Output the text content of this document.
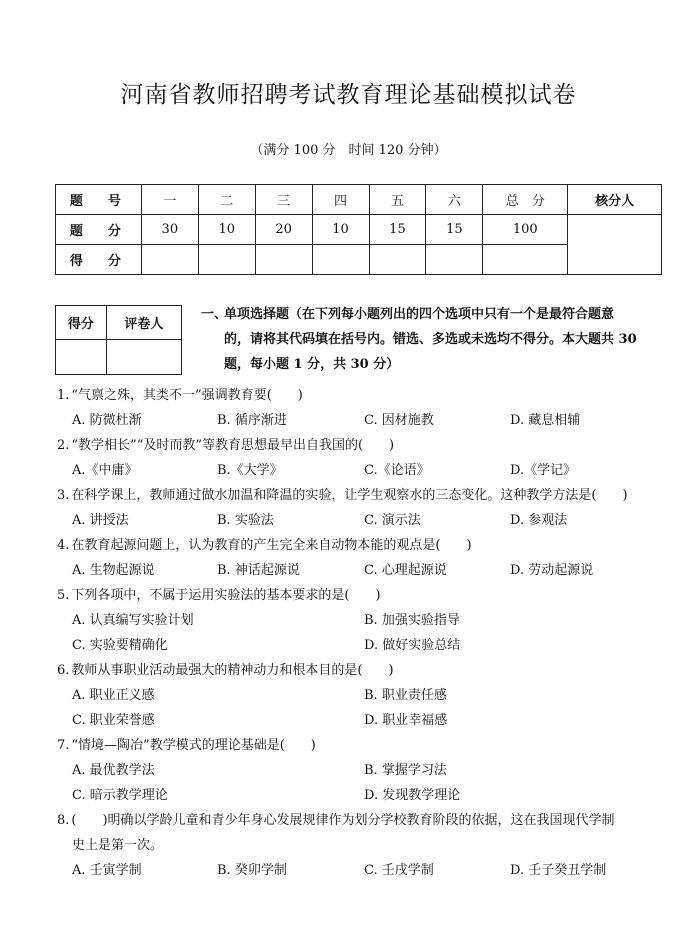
河南省教师招聘考试教育理论基础模拟试卷
（满分 100 分　时间 120 分钟）
题　号	一	二	三	四	五	六	总　分	核分人
题　分	30	10	20	10	15	15	100	
得　分								
得分	评卷人

一、
单项选择题（在下列每小题列出的四个选项中只有一个是最符合题意
的，请将其代码填在括号内。错选、多选或未选均不得分。本大题共 30
题，每小题 1 分，共 30 分）
1. “气禀之殊，其类不一”强调教育要(　　)
A. 防微杜渐	B. 循序渐进	C. 因材施教	D. 藏息相辅
2. “教学相长”“及时而教”等教育思想最早出自我国的(　　)
A.《中庸》	B.《大学》	C.《论语》	D.《学记》
3. 在科学课上，教师通过做水加温和降温的实验，让学生观察水的三态变化。这种教学方法是(　　)
A. 讲授法	B. 实验法	C. 演示法	D. 参观法
4. 在教育起源问题上，认为教育的产生完全来自动物本能的观点是(　　)
A. 生物起源说	B. 神话起源说	C. 心理起源说	D. 劳动起源说
5. 下列各项中，不属于运用实验法的基本要求的是(　　)
A. 认真编写实验计划	B. 加强实验指导
C. 实验要精确化	D. 做好实验总结
6. 教师从事职业活动最强大的精神动力和根本目的是(　　)
A. 职业正义感	B. 职业责任感
C. 职业荣誉感	D. 职业幸福感
7. “情境—陶冶”教学模式的理论基础是(　　)
A. 最优教学法	B. 掌握学习法
C. 暗示教学理论	D. 发现教学理论
8. (　　)明确以学龄儿童和青少年身心发展规律作为划分学校教育阶段的依据，这在我国现代学制
史上是第一次。
A. 壬寅学制	B. 癸卯学制	C. 壬戌学制	D. 壬子癸丑学制
